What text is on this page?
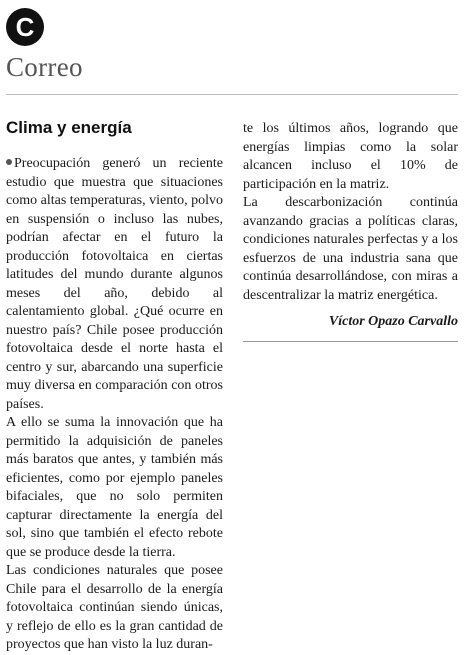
C
Correo
Clima y energía

Preocupación generó un reciente estudio que muestra que situaciones como altas temperaturas, viento, polvo en suspensión o incluso las nubes, podrían afectar en el futuro la producción fotovoltaica en ciertas latitudes del mundo durante algunos meses del año, debido al calentamiento global. ¿Qué ocurre en nuestro país? Chile posee producción fotovoltaica desde el norte hasta el centro y sur, abarcando una superficie muy diversa en comparación con otros países.

A ello se suma la innovación que ha permitido la adquisición de paneles más baratos que antes, y también más eficientes, como por ejemplo paneles bifaciales, que no solo permiten capturar directamente la energía del sol, sino que también el efecto rebote que se produce desde la tierra.

Las condiciones naturales que posee Chile para el desarrollo de la energía fotovoltaica continúan siendo únicas, y reflejo de ello es la gran cantidad de proyectos que han visto la luz duran-

te los últimos años, logrando que energías limpias como la solar alcancen incluso el 10% de participación en la matriz.

La descarbonización continúa avanzando gracias a políticas claras, condiciones naturales perfectas y a los esfuerzos de una industria sana que continúa desarrollándose, con miras a descentralizar la matriz energética.

Víctor Opazo Carvallo
